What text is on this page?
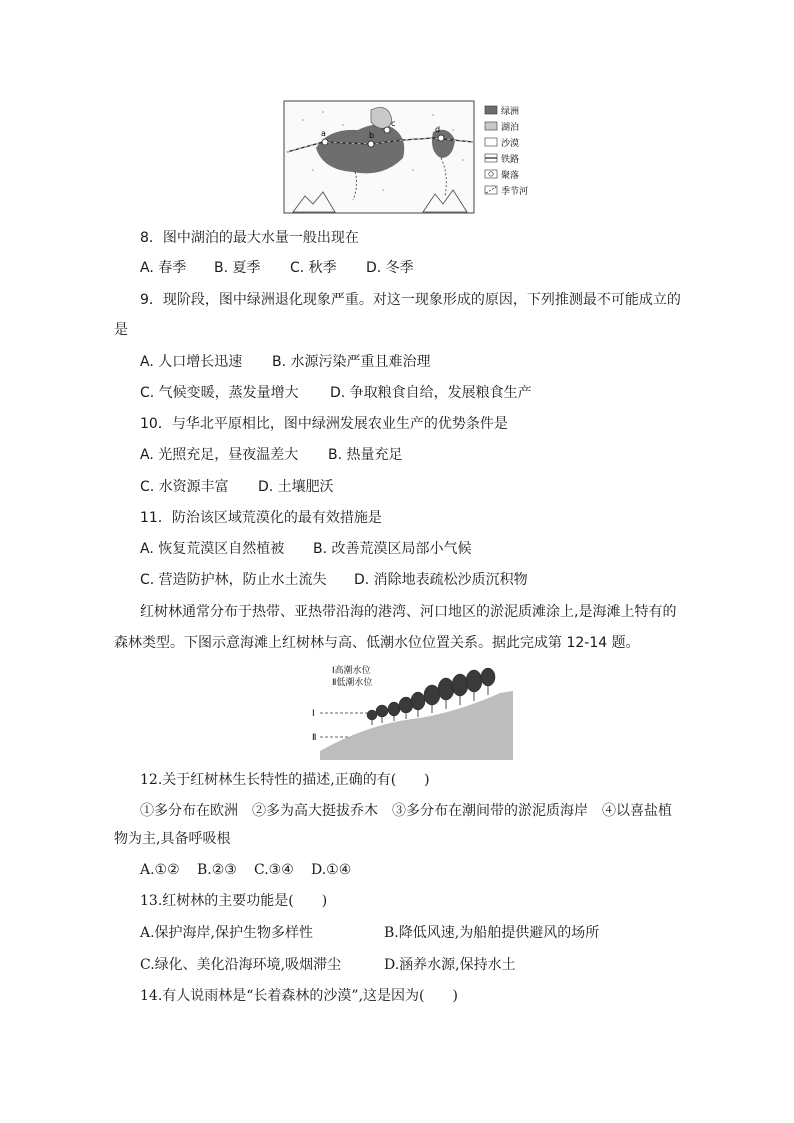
a	b
c
d
绿洲
湖泊
沙漠
铁路
聚落
季节河
8．图中湖泊的最大水量一般出现在
A. 春季 B. 夏季 C. 秋季 D. 冬季
9．现阶段，图中绿洲退化现象严重。对这一现象形成的原因，下列推测最不可能成立的
是
A. 人口增长迅速 B. 水源污染严重且难治理
C. 气候变暖，蒸发量增大 D. 争取粮食自给，发展粮食生产
10．与华北平原相比，图中绿洲发展农业生产的优势条件是
A. 光照充足，昼夜温差大 B. 热量充足
C. 水资源丰富 D. 土壤肥沃
11．防治该区域荒漠化的最有效措施是
A. 恢复荒漠区自然植被 B. 改善荒漠区局部小气候
C. 营造防护林，防止水土流失 D. 消除地表疏松沙质沉积物
红树林通常分布于热带、亚热带沿海的港湾、河口地区的淤泥质滩涂上,是海滩上特有的
森林类型。下图示意海滩上红树林与高、低潮水位位置关系。据此完成第 12-14 题。
Ⅰ高潮水位
Ⅱ低潮水位
Ⅰ
Ⅱ
12.关于红树林生长特性的描述,正确的有(　　)
①多分布在欧洲　②多为高大挺拔乔木　③多分布在潮间带的淤泥质海岸　④以喜盐植
物为主,具备呼吸根
A.①② B.②③ C.③④ D.①④
13.红树林的主要功能是(　　)
A.保护海岸,保护生物多样性	B.降低风速,为船舶提供避风的场所
C.绿化、美化沿海环境,吸烟滞尘	D.涵养水源,保持水土
14.有人说雨林是“长着森林的沙漠”,这是因为(　　)
